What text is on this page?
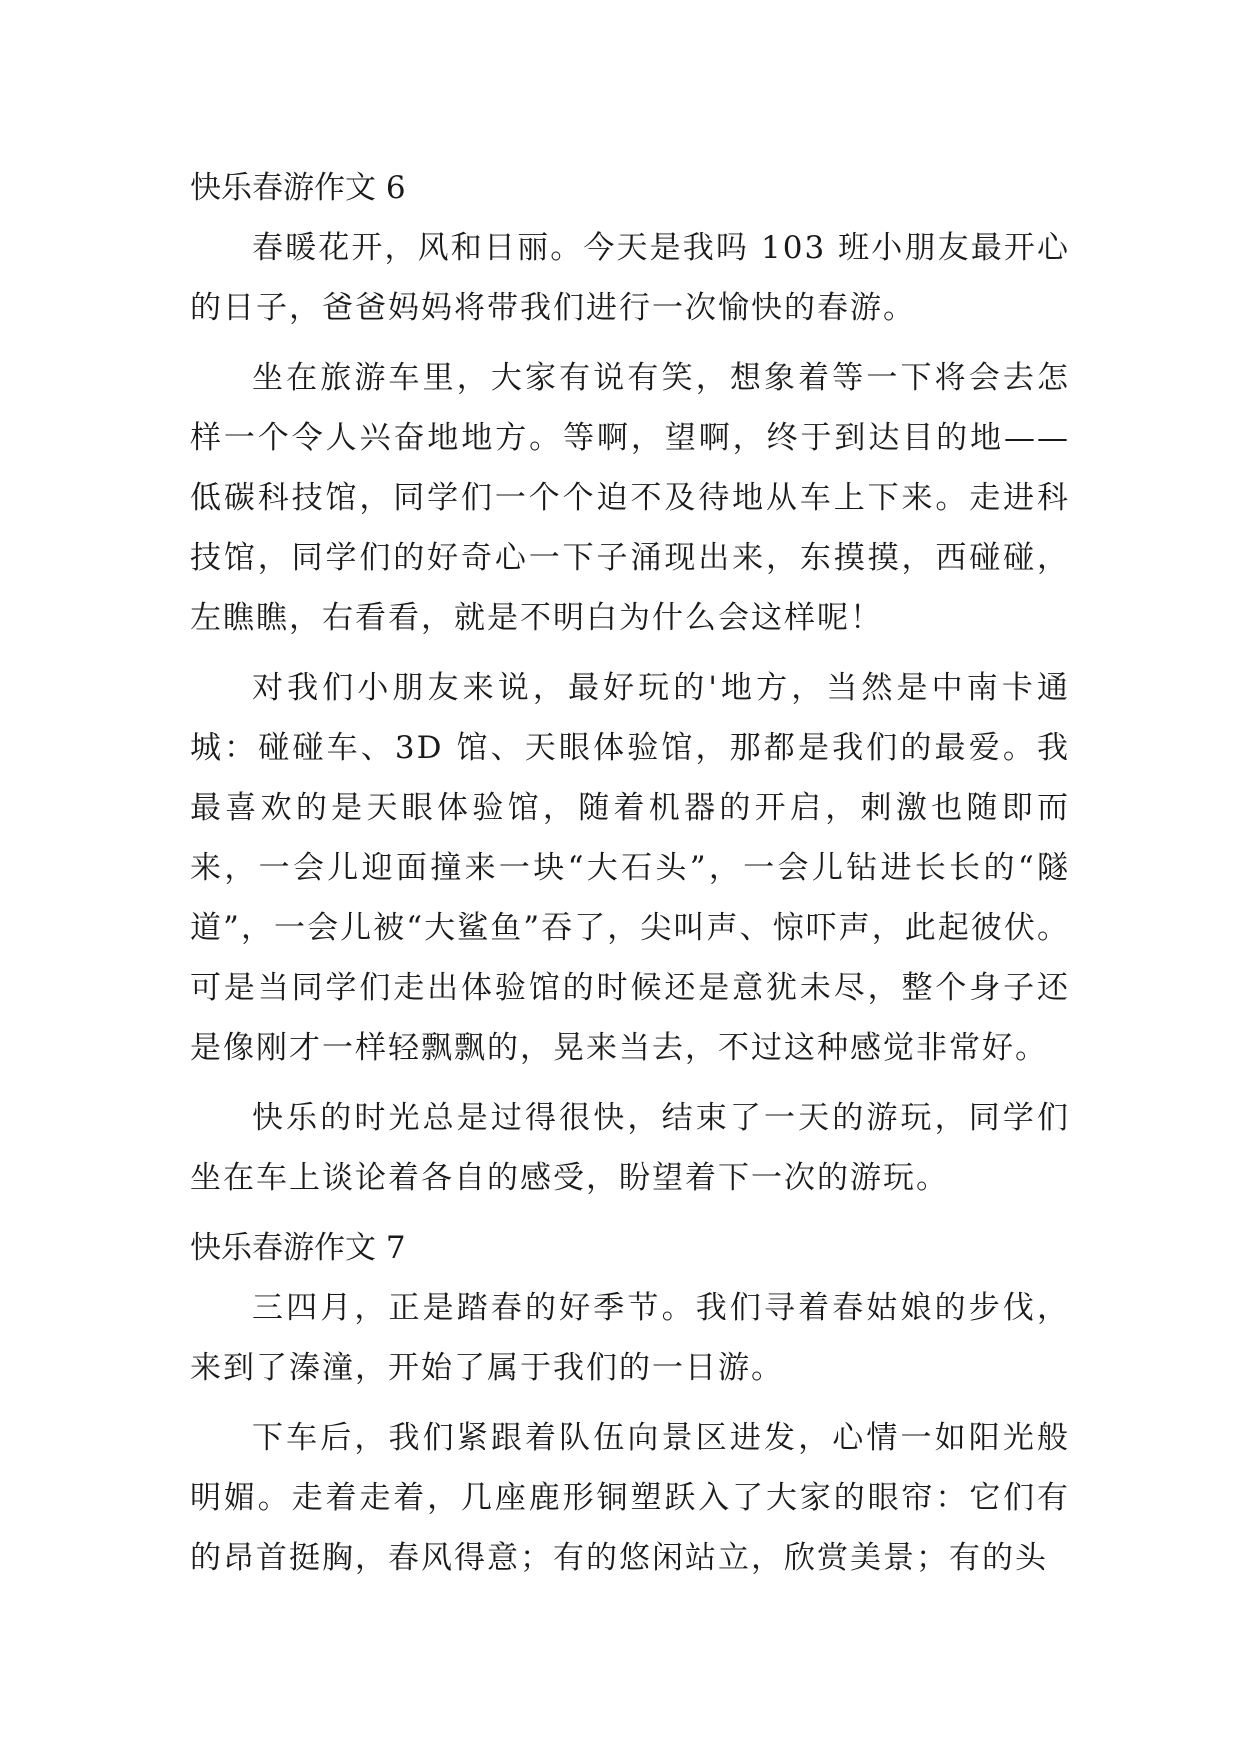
快乐春游作文 6

春暖花开，风和日丽。今天是我吗 103 班小朋友最开心的日子，爸爸妈妈将带我们进行一次愉快的春游。

坐在旅游车里，大家有说有笑，想象着等一下将会去怎样一个令人兴奋地地方。等啊，望啊，终于到达目的地——低碳科技馆，同学们一个个迫不及待地从车上下来。走进科技馆，同学们的好奇心一下子涌现出来，东摸摸，西碰碰，左瞧瞧，右看看，就是不明白为什么会这样呢！

对我们小朋友来说，最好玩的'地方，当然是中南卡通城：碰碰车、3D 馆、天眼体验馆，那都是我们的最爱。我最喜欢的是天眼体验馆，随着机器的开启，刺激也随即而来，一会儿迎面撞来一块“大石头”，一会儿钻进长长的“隧道”，一会儿被“大鲨鱼”吞了，尖叫声、惊吓声，此起彼伏。可是当同学们走出体验馆的时候还是意犹未尽，整个身子还是像刚才一样轻飘飘的，晃来当去，不过这种感觉非常好。

快乐的时光总是过得很快，结束了一天的游玩，同学们坐在车上谈论着各自的感受，盼望着下一次的游玩。

快乐春游作文 7

三四月，正是踏春的好季节。我们寻着春姑娘的步伐，来到了溱潼，开始了属于我们的一日游。

下车后，我们紧跟着队伍向景区进发，心情一如阳光般明媚。走着走着，几座鹿形铜塑跃入了大家的眼帘：它们有的昂首挺胸，春风得意；有的悠闲站立，欣赏美景；有的头
